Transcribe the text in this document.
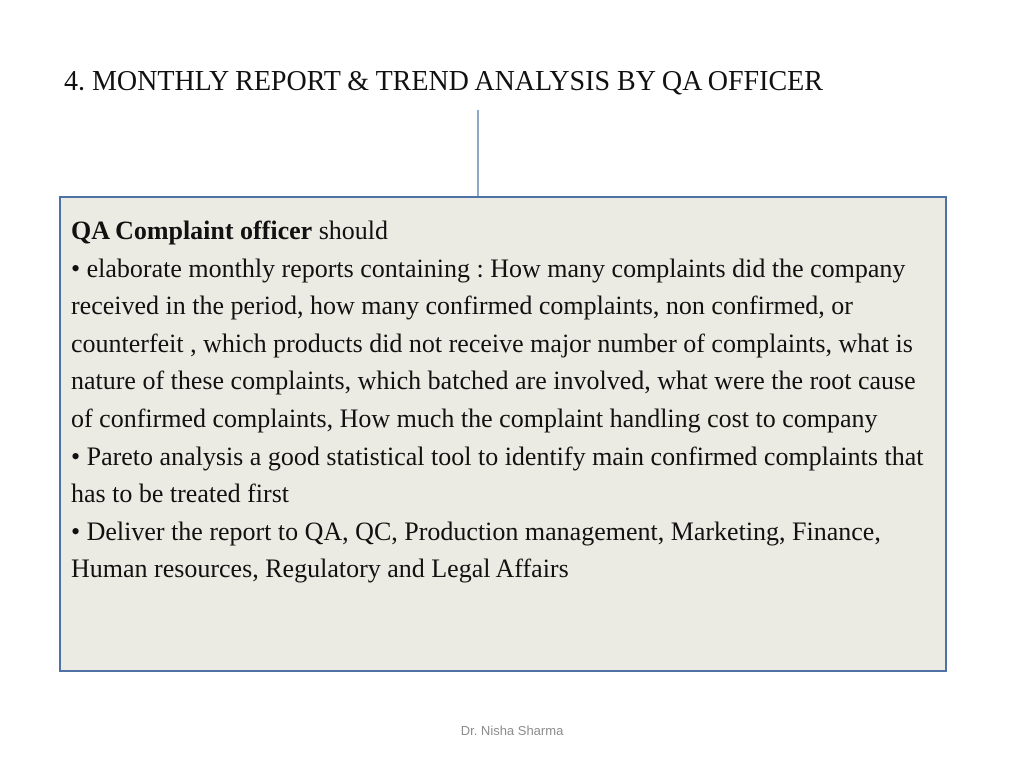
4. MONTHLY REPORT & TREND ANALYSIS BY QA OFFICER
QA Complaint officer should
• elaborate monthly reports containing : How many complaints did the company received in the period, how many confirmed complaints, non confirmed, or counterfeit , which products did not receive major number of complaints, what is nature of these complaints, which batched are involved, what were the root cause of confirmed complaints, How much the complaint handling cost to company
• Pareto analysis a good statistical tool to identify main confirmed complaints that has to be treated first
• Deliver the report to QA, QC, Production management, Marketing, Finance, Human resources, Regulatory and Legal Affairs
Dr. Nisha Sharma
